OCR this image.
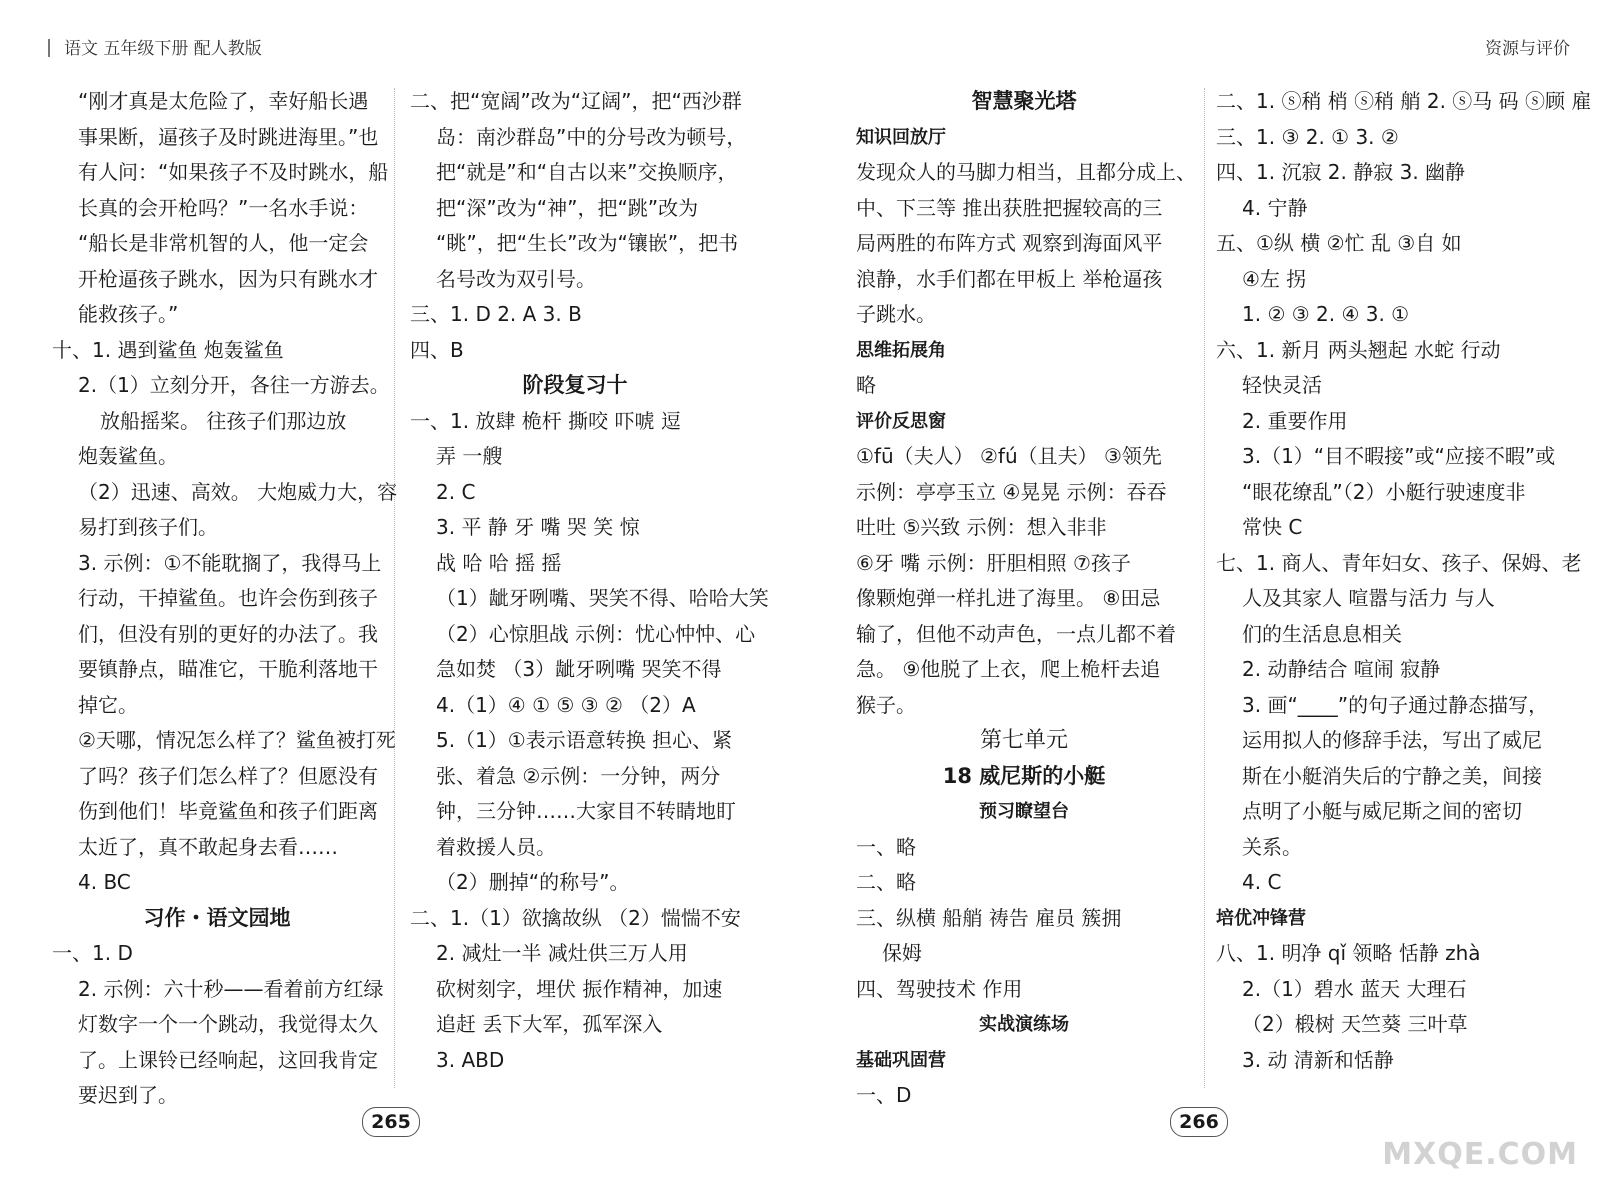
语文 五年级下册 配人教版	资源与评价
“刚才真是太危险了，幸好船长遇
事果断，逼孩子及时跳进海里。”也
有人问：“如果孩子不及时跳水，船
长真的会开枪吗？”一名水手说：
“船长是非常机智的人，他一定会
开枪逼孩子跳水，因为只有跳水才
能救孩子。”
十、1. 遇到鲨鱼 炮轰鲨鱼
2.（1）立刻分开，各往一方游去。
放船摇桨。 往孩子们那边放
炮轰鲨鱼。
（2）迅速、高效。 大炮威力大，容
易打到孩子们。
3. 示例：①不能耽搁了，我得马上
行动，干掉鲨鱼。也许会伤到孩子
们，但没有别的更好的办法了。我
要镇静点，瞄准它，干脆利落地干
掉它。
②天哪，情况怎么样了？鲨鱼被打死
了吗？孩子们怎么样了？但愿没有
伤到他们！毕竟鲨鱼和孩子们距离
太近了，真不敢起身去看……
4. BC
习作・语文园地
一、1. D
2. 示例：六十秒——看着前方红绿
灯数字一个一个跳动，我觉得太久
了。上课铃已经响起，这回我肯定
要迟到了。
二、把“宽阔”改为“辽阔”，把“西沙群
岛：南沙群岛”中的分号改为顿号，
把“就是”和“自古以来”交换顺序，
把“深”改为“神”，把“跳”改为
“眺”，把“生长”改为“镶嵌”，把书
名号改为双引号。
三、1. D 2. A 3. B
四、B
阶段复习十
一、1. 放肆 桅杆 撕咬 吓唬 逗
弄 一艘
2. C
3. 平 静 牙 嘴 哭 笑 惊
战 哈 哈 摇 摇
（1）龇牙咧嘴、哭笑不得、哈哈大笑
（2）心惊胆战 示例：忧心忡忡、心
急如焚 （3）龇牙咧嘴 哭笑不得
4.（1）④ ① ⑤ ③ ② （2）A
5.（1）①表示语意转换 担心、紧
张、着急 ②示例：一分钟，两分
钟，三分钟……大家目不转睛地盯
着救援人员。
（2）删掉“的称号”。
二、1.（1）欲擒故纵 （2）惴惴不安
2. 减灶一半 减灶供三万人用
砍树刻字，埋伏 振作精神，加速
追赶 丢下大军，孤军深入
3. ABD
智慧聚光塔
知识回放厅
发现众人的马脚力相当，且都分成上、
中、下三等 推出获胜把握较高的三
局两胜的布阵方式 观察到海面风平
浪静，水手们都在甲板上 举枪逼孩
子跳水。
思维拓展角
略
评价反思窗
①fū（夫人） ②fú（且夫） ③领先
示例：亭亭玉立 ④晃晃 示例：吞吞
吐吐 ⑤兴致 示例：想入非非
⑥牙 嘴 示例：肝胆相照 ⑦孩子
像颗炮弹一样扎进了海里。 ⑧田忌
输了，但他不动声色，一点儿都不着
急。 ⑨他脱了上衣，爬上桅杆去追
猴子。
第七单元
18 威尼斯的小艇
预习瞭望台
一、略
二、略
三、纵横 船艄 祷告 雇员 簇拥
保姆
四、驾驶技术 作用
实战演练场
基础巩固营
一、D
二、1. ⓢ稍 梢 ⓢ稍 艄 2. ⓢ马 码 ⓢ顾 雇
三、1. ③ 2. ① 3. ②
四、1. 沉寂 2. 静寂 3. 幽静
4. 宁静
五、①纵 横 ②忙 乱 ③自 如
④左 拐
1. ② ③ 2. ④ 3. ①
六、1. 新月 两头翘起 水蛇 行动
轻快灵活
2. 重要作用
3.（1）“目不暇接”或“应接不暇”或
“眼花缭乱”（2）小艇行驶速度非
常快 C
七、1. 商人、青年妇女、孩子、保姆、老
人及其家人 喧嚣与活力 与人
们的生活息息相关
2. 动静结合 喧闹 寂静
3. 画“____”的句子通过静态描写，
运用拟人的修辞手法，写出了威尼
斯在小艇消失后的宁静之美，间接
点明了小艇与威尼斯之间的密切
关系。
4. C
培优冲锋营
八、1. 明净 qǐ 领略 恬静 zhà
2.（1）碧水 蓝天 大理石
（2）椴树 天竺葵 三叶草
3. 动 清新和恬静
265	266
MXQE.COM
